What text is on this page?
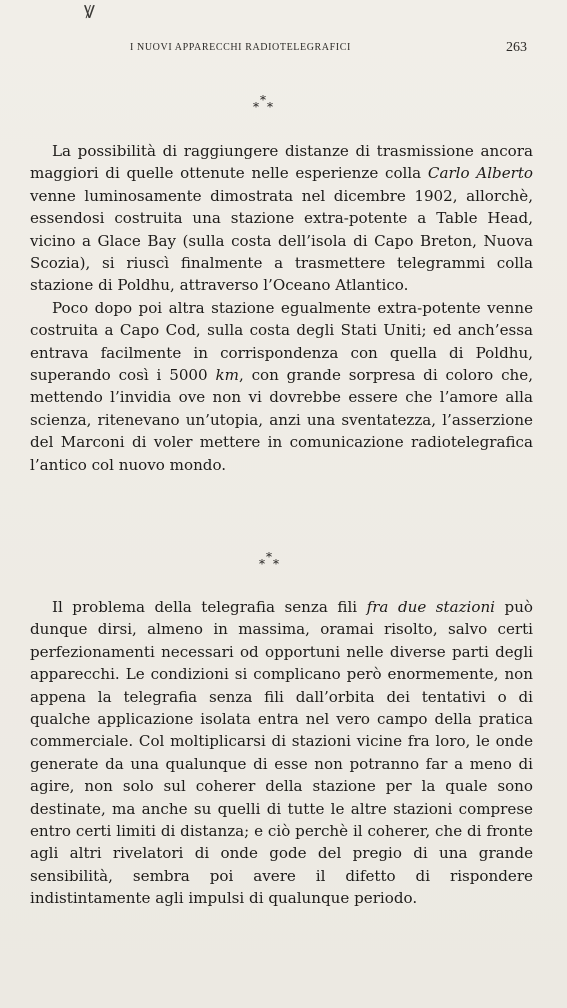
Ꝟ
I NUOVI APPARECCHI RADIOTELEGRAFICI	263
*
* *

La possibilità di raggiungere distanze di trasmissione ancora maggiori di quelle ottenute nelle esperienze colla Carlo Alberto venne luminosamente dimostrata nel dicembre 1902, allorchè, essendosi costruita una stazione extra-potente a Table Head, vicino a Glace Bay (sulla costa dell’isola di Capo Breton, Nuova Scozia), si riuscì finalmente a trasmettere telegrammi colla stazione di Poldhu, attraverso l’Oceano Atlantico.

Poco dopo poi altra stazione egualmente extra-potente venne costruita a Capo Cod, sulla costa degli Stati Uniti; ed anch’essa entrava facilmente in corrispondenza con quella di Poldhu, superando così i 5000 km, con grande sorpresa di coloro che, mettendo l’invidia ove non vi dovrebbe essere che l’amore alla scienza, ritenevano un’utopia, anzi una sventatezza, l’asserzione del Marconi di voler mettere in comunicazione radiotelegrafica l’antico col nuovo mondo.

*
* *

Il problema della telegrafia senza fili fra due stazioni può dunque dirsi, almeno in massima, oramai risolto, salvo certi perfezionamenti necessari od opportuni nelle diverse parti degli apparecchi. Le condizioni si complicano però enormemente, non appena la telegrafia senza fili dall’orbita dei tentativi o di qualche applicazione isolata entra nel vero campo della pratica commerciale. Col moltiplicarsi di stazioni vicine fra loro, le onde generate da una qualunque di esse non potranno far a meno di agire, non solo sul coherer della stazione per la quale sono destinate, ma anche su quelli di tutte le altre stazioni comprese entro certi limiti di distanza; e ciò perchè il coherer, che di fronte agli altri rivelatori di onde gode del pregio di una grande sensibilità, sembra poi avere il difetto di rispondere indistintamente agli impulsi di qualunque periodo.
